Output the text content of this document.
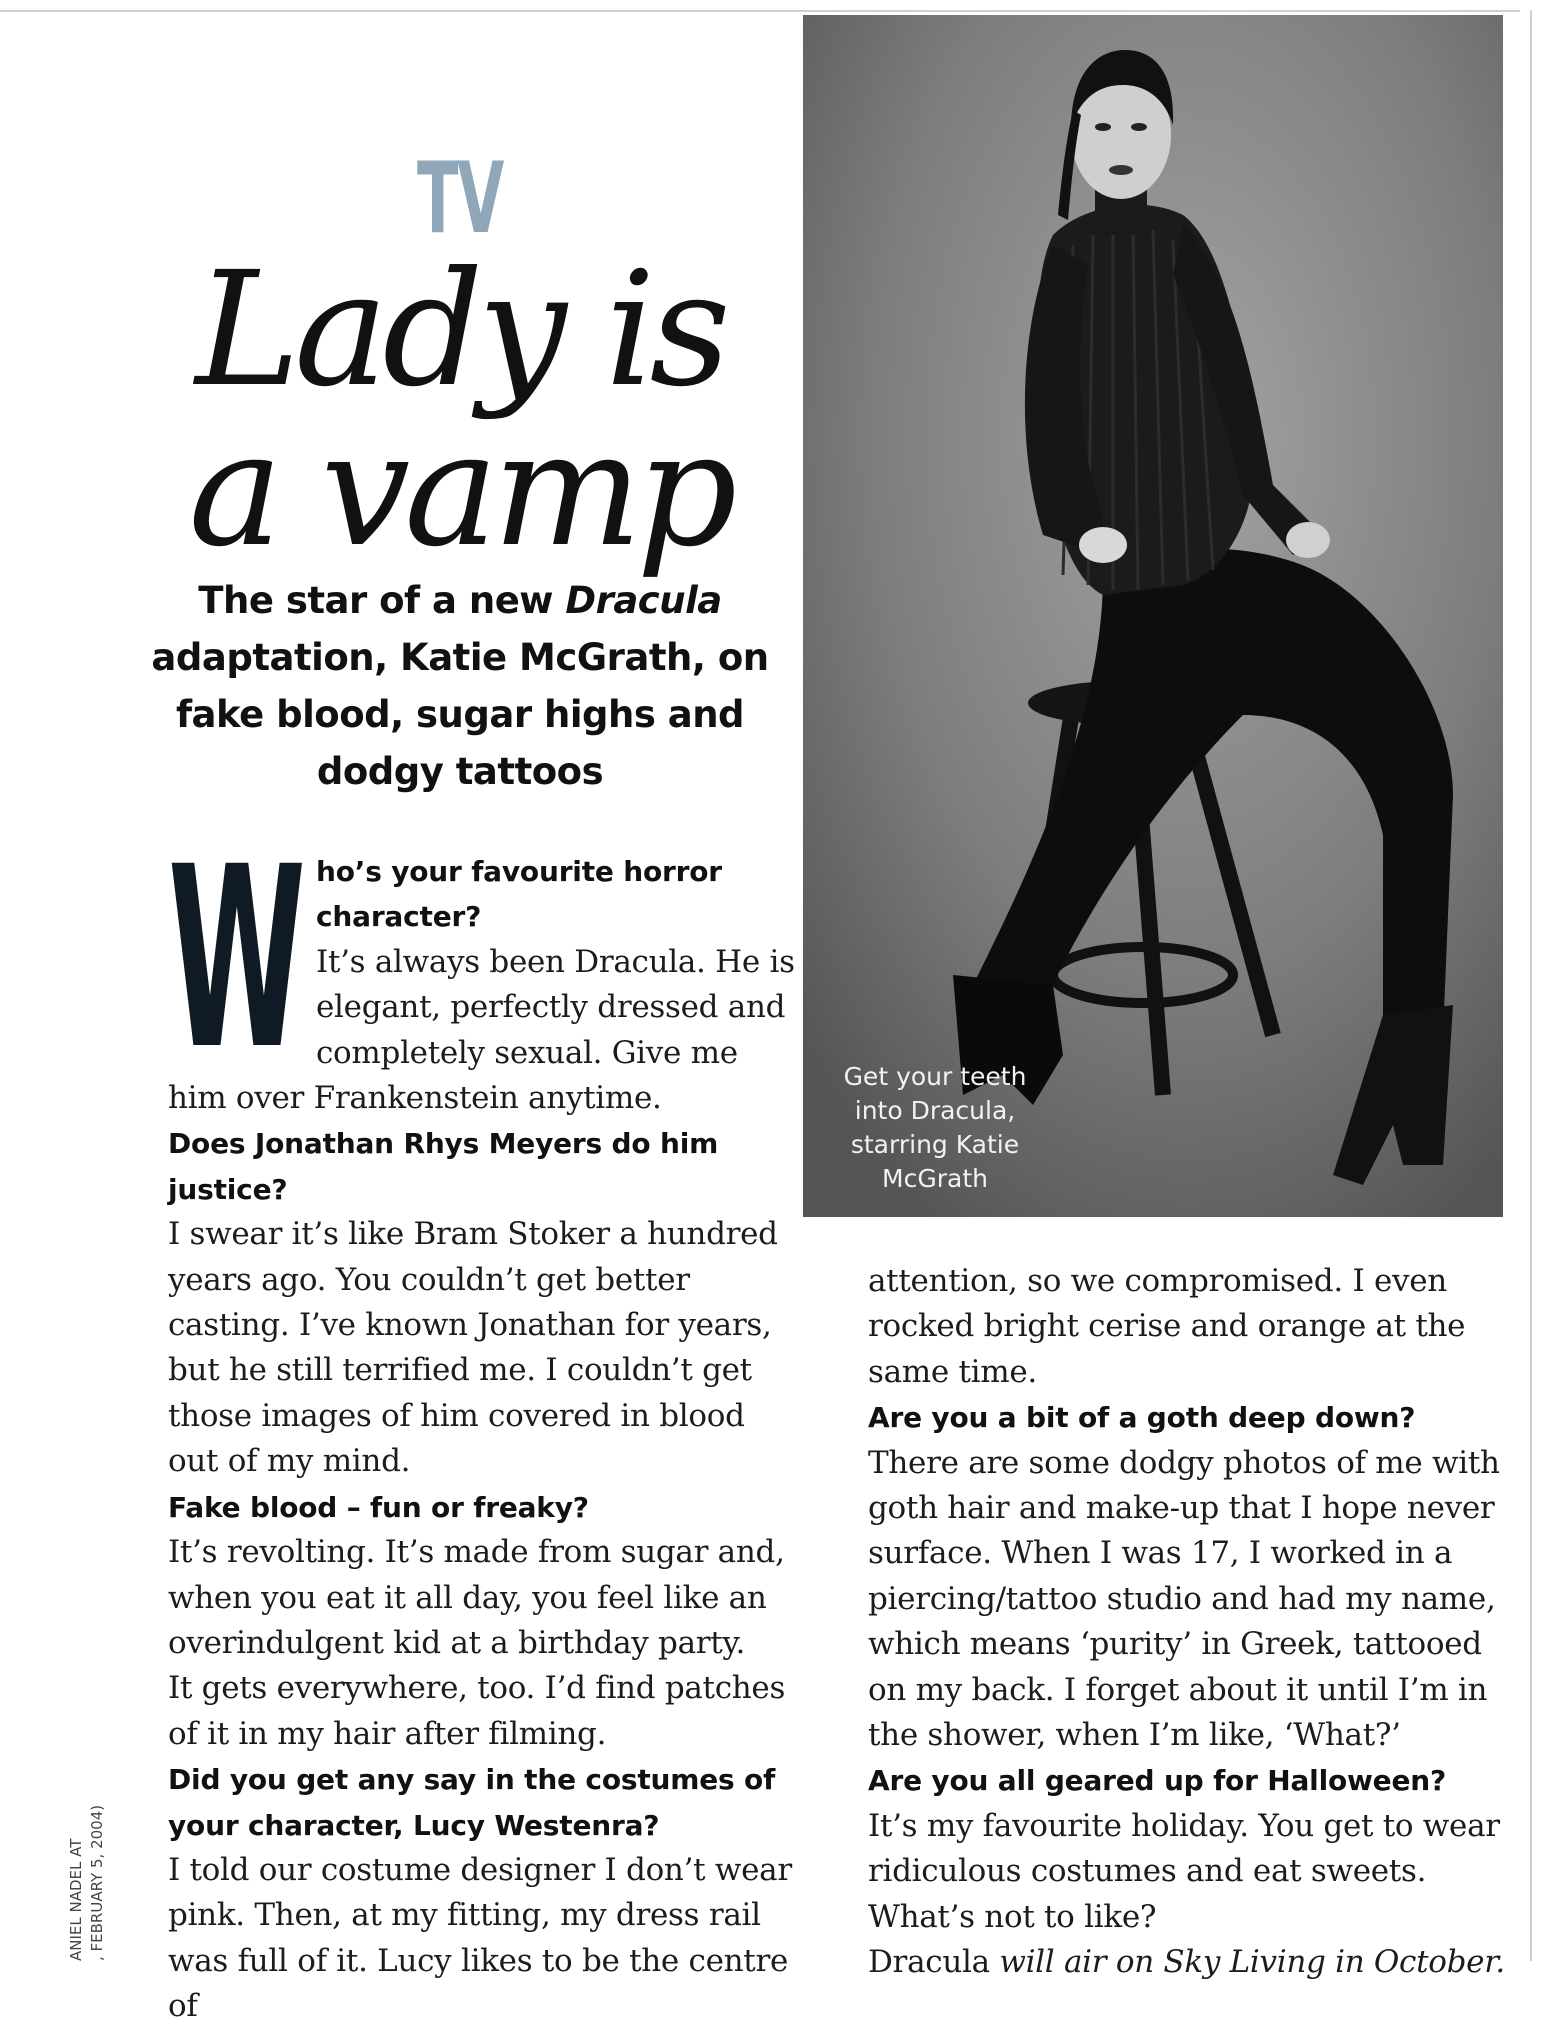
TV
Lady is
a vamp
The star of a new Dracula adaptation, Katie McGrath, on fake blood, sugar highs and dodgy tattoos
W ho’s your favourite horror character?

It’s always been Dracula. He is elegant, perfectly dressed and completely sexual. Give me him over Frankenstein anytime.

Does Jonathan Rhys Meyers do him justice?

I swear it’s like Bram Stoker a hundred years ago. You couldn’t get better casting. I’ve known Jonathan for years, but he still terrified me. I couldn’t get those images of him covered in blood out of my mind.

Fake blood – fun or freaky?

It’s revolting. It’s made from sugar and, when you eat it all day, you feel like an overindulgent kid at a birthday party.

It gets everywhere, too. I’d find patches of it in my hair after filming.

Did you get any say in the costumes of your character, Lucy Westenra?

I told our costume designer I don’t wear pink. Then, at my fitting, my dress rail was full of it. Lucy likes to be the centre of

Get your teeth into Dracula, starring Katie McGrath

attention, so we compromised. I even rocked bright cerise and orange at the same time.

Are you a bit of a goth deep down?

There are some dodgy photos of me with goth hair and make-up that I hope never surface. When I was 17, I worked in a piercing/tattoo studio and had my name, which means ‘purity’ in Greek, tattooed on my back. I forget about it until I’m in the shower, when I’m like, ‘What?’

Are you all geared up for Halloween?

It’s my favourite holiday. You get to wear ridiculous costumes and eat sweets. What’s not to like?

Dracula will air on Sky Living in October.

ANIEL NADEL AT , FEBRUARY 5, 2004)
